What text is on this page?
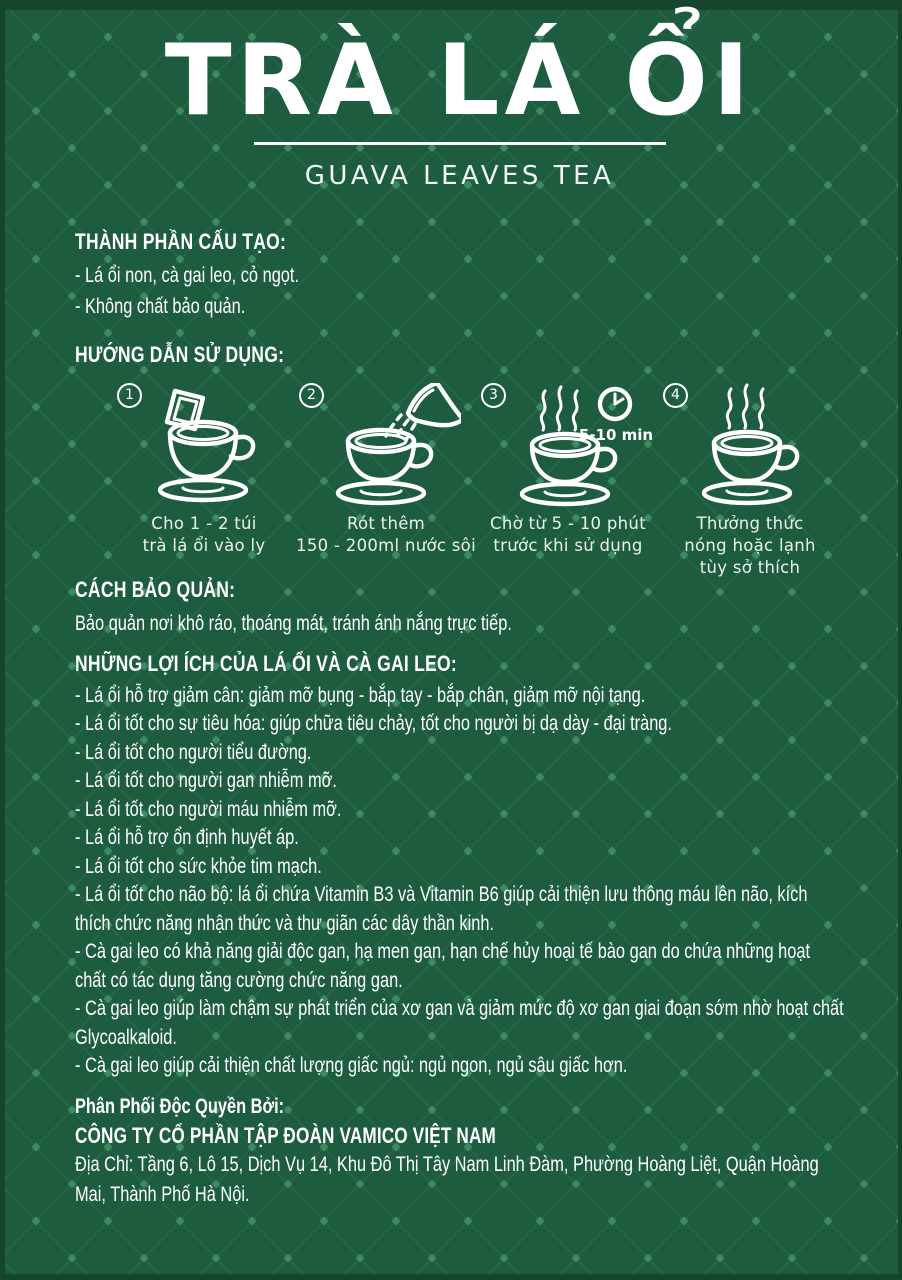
TRÀ LÁ ỔI
GUAVA LEAVES TEA
THÀNH PHẦN CẤU TẠO:
- Lá ổi non, cà gai leo, cỏ ngọt.
- Không chất bảo quản.
HƯỚNG DẪN SỬ DỤNG:
1
Cho 1 - 2 túi
trà lá ổi vào ly
2
Rót thêm
150 - 200ml nước sôi
3
5-10 min
Chờ từ 5 - 10 phút
trước khi sử dụng
4
Thưởng thức
nóng hoặc lạnh
tùy sở thích
CÁCH BẢO QUẢN:
Bảo quản nơi khô ráo, thoáng mát, tránh ánh nắng trực tiếp.
NHỮNG LỢI ÍCH CỦA LÁ ỔI VÀ CÀ GAI LEO:
- Lá ổi hỗ trợ giảm cân: giảm mỡ bụng - bắp tay - bắp chân, giảm mỡ nội tạng.
- Lá ổi tốt cho sự tiêu hóa: giúp chữa tiêu chảy, tốt cho người bị dạ dày - đại tràng.
- Lá ổi tốt cho người tiểu đường.
- Lá ổi tốt cho người gan nhiễm mỡ.
- Lá ổi tốt cho người máu nhiễm mỡ.
- Lá ổi hỗ trợ ổn định huyết áp.
- Lá ổi tốt cho sức khỏe tim mạch.
- Lá ổi tốt cho não bộ: lá ổi chứa Vitamin B3 và Vitamin B6 giúp cải thiện lưu thông máu lên não, kích thích chức năng nhận thức và thư giãn các dây thần kinh.
- Cà gai leo có khả năng giải độc gan, hạ men gan, hạn chế hủy hoại tế bào gan do chứa những hoạt chất có tác dụng tăng cường chức năng gan.
- Cà gai leo giúp làm chậm sự phát triển của xơ gan và giảm mức độ xơ gan giai đoạn sớm nhờ hoạt chất Glycoalkaloid.
- Cà gai leo giúp cải thiện chất lượng giấc ngủ: ngủ ngon, ngủ sâu giấc hơn.
Phân Phối Độc Quyền Bởi:
CÔNG TY CỔ PHẦN TẬP ĐOÀN VAMICO VIỆT NAM
Địa Chỉ: Tầng 6, Lô 15, Dịch Vụ 14, Khu Đô Thị Tây Nam Linh Đàm, Phường Hoàng Liệt, Quận Hoàng Mai, Thành Phố Hà Nội.
